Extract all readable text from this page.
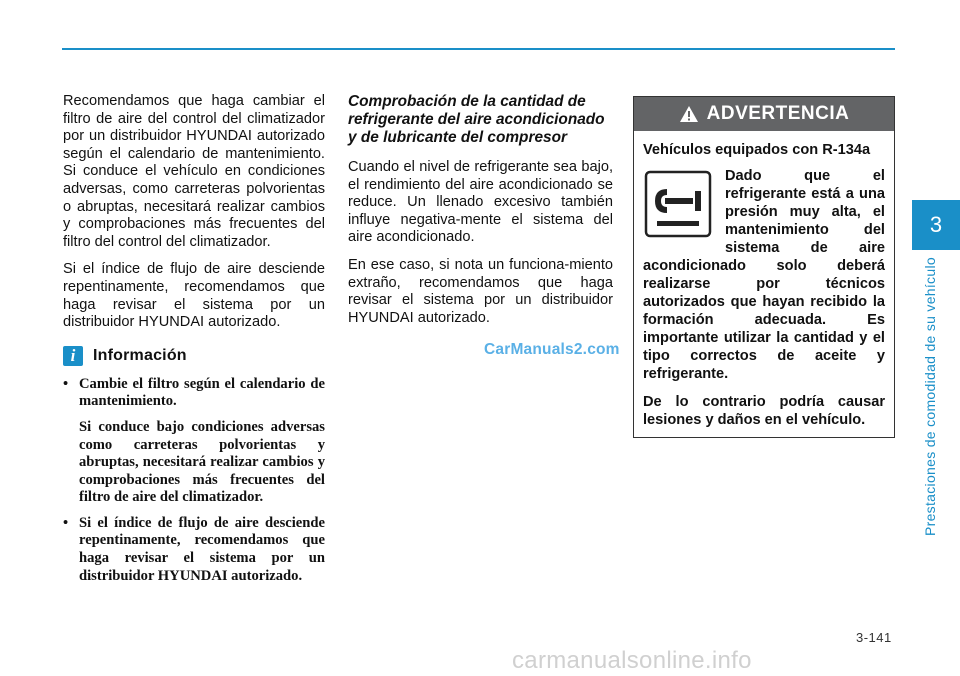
Recomendamos que haga cambiar el filtro de aire del control del climatizador por un distribuidor HYUNDAI autorizado según el calendario de mantenimiento. Si conduce el vehículo en condiciones adversas, como carreteras polvorientas o abruptas, necesitará realizar cambios y comprobaciones más frecuentes del filtro del control del climatizador.

Si el índice de flujo de aire desciende repentinamente, recomendamos que haga revisar el sistema por un distribuidor HYUNDAI autorizado.

i	Información
• Cambie el filtro según el calendario de mantenimiento.
Si conduce bajo condiciones adversas como carreteras polvorientas y abruptas, necesitará realizar cambios y comprobaciones más frecuentes del filtro de aire del climatizador.
• Si el índice de flujo de aire desciende repentinamente, recomendamos que haga revisar el sistema por un distribuidor HYUNDAI autorizado.
Comprobación de la cantidad de refrigerante del aire acondicionado y de lubricante del compresor

Cuando el nivel de refrigerante sea bajo, el rendimiento del aire acondicionado se reduce. Un llenado excesivo también influye negativa-mente el sistema del aire acondicionado.

En ese caso, si nota un funciona-miento extraño, recomendamos que haga revisar el sistema por un distribuidor HYUNDAI autorizado.

CarManuals2.com
ADVERTENCIA

Vehículos equipados con R-134a

Dado que el refrigerante está a una presión muy alta, el mantenimiento del sistema de aire acondicionado solo deberá realizarse por técnicos autorizados que hayan recibido la formación adecuada. Es importante utilizar la cantidad y el tipo correctos de aceite y refrigerante.

De lo contrario podría causar lesiones y daños en el vehículo.

3
Prestaciones de comodidad de su vehículo
3-141
carmanualsonline.info
